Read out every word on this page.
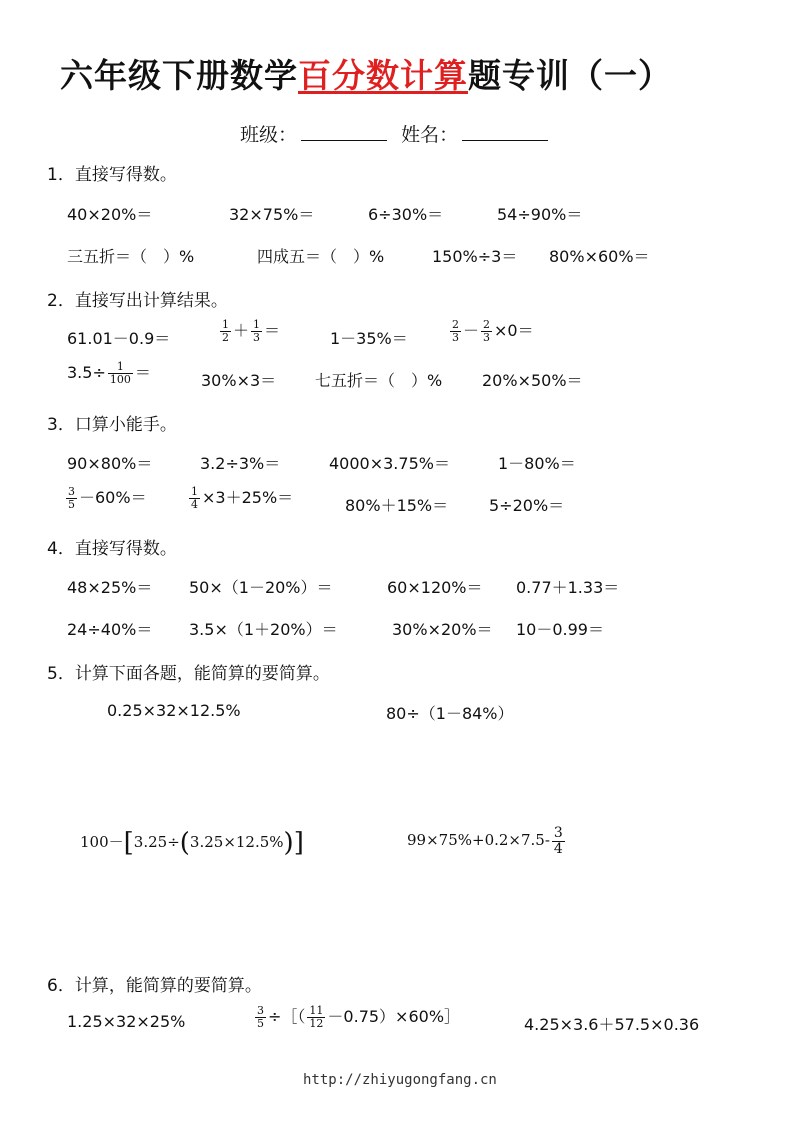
六年级下册数学百分数计算题专训（一）
班级：	姓名：
1．直接写得数。
40×20%＝	32×75%＝	6÷30%＝	54÷90%＝
三五折＝（　）%	四成五＝（　）%	150%÷3＝ 80%×60%＝
2．直接写出计算结果。
61.01－0.9＝	$\frac{1}{2} + \frac{1}{3}$ ＝	1－35%＝	$\frac{2}{3} - \frac{2}{3} \times 0=$
$3.5\div \frac{1}{100}$ ＝	30%×3＝ 七五折＝（　）% 20%×50%＝
3．口算小能手。
90×80%＝	3.2÷3%＝	4000×3.75%＝	1－80%＝
$\frac{3}{5} -60\%=$	$\frac{1}{4} \times 3+25\%=$	80%＋15%＝	5÷20%＝
4．直接写得数。
48×25%＝ 50×（1－20%）＝	60×120%＝ 0.77＋1.33＝
24÷40%＝ 3.5×（1＋20%）＝	30%×20%＝ 10－0.99＝
5．计算下面各题，能简算的要简算。
0.25×32×12.5%	80÷（1－84%）
100－[3.25÷(3.25×12.5%)]	$99\times 75\%+0.2\times 7.5- \frac{3}{4}$
6．计算，能简算的要简算。
1.25×32×25%	$\frac{3}{5}$ ÷［（ $\frac{11}{12}$ －0.75）×60%］	4.25×3.6＋57.5×0.36
http://zhiyugongfang.cn
